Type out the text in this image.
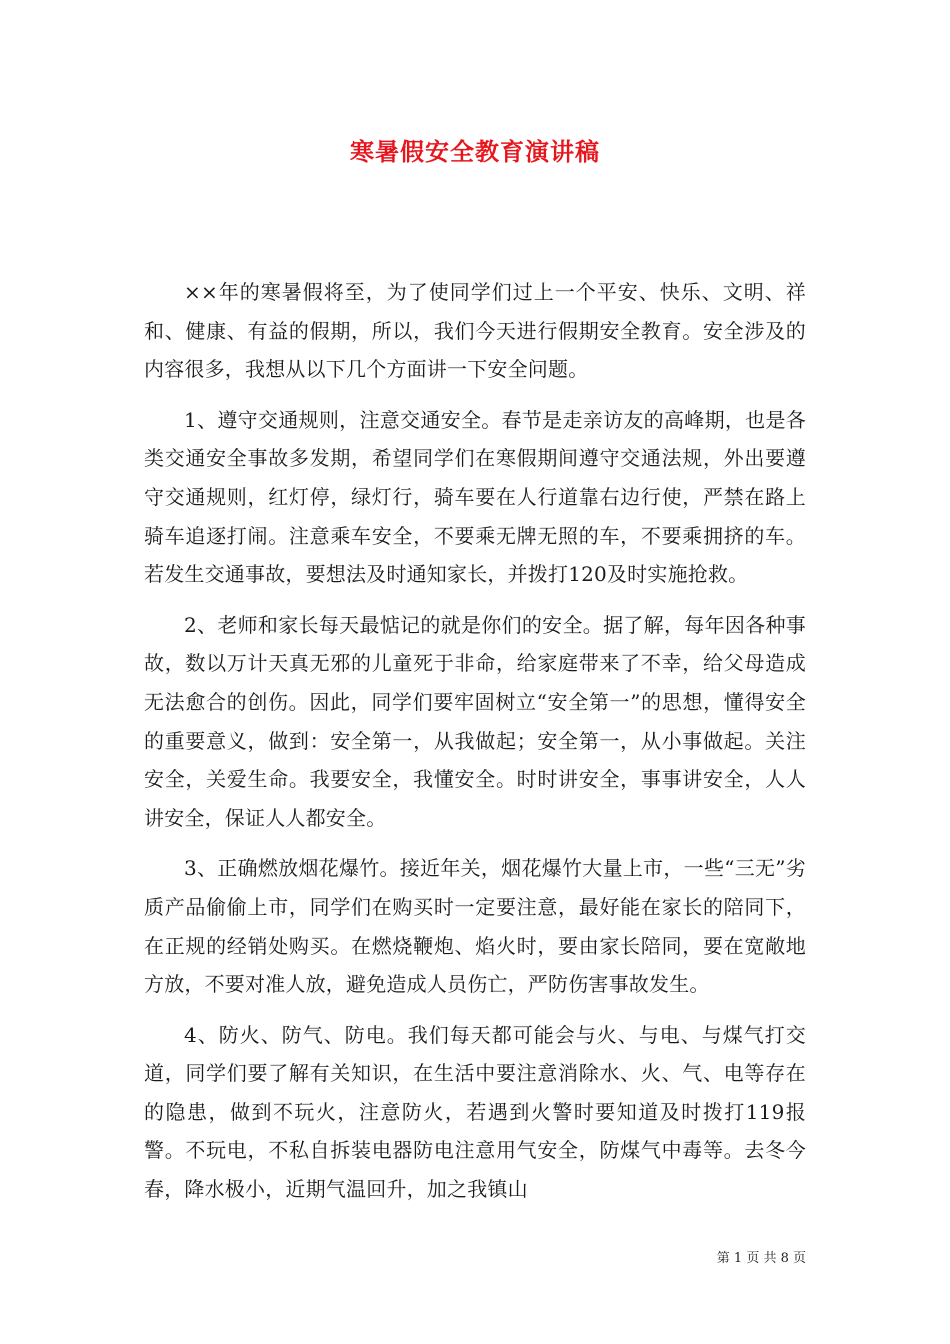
寒暑假安全教育演讲稿

××年的寒暑假将至，为了使同学们过上一个平安、快乐、文明、祥和、健康、有益的假期，所以，我们今天进行假期安全教育。安全涉及的内容很多，我想从以下几个方面讲一下安全问题。

1、遵守交通规则，注意交通安全。春节是走亲访友的高峰期，也是各类交通安全事故多发期，希望同学们在寒假期间遵守交通法规，外出要遵守交通规则，红灯停，绿灯行，骑车要在人行道靠右边行使，严禁在路上骑车追逐打闹。注意乘车安全，不要乘无牌无照的车，不要乘拥挤的车。若发生交通事故，要想法及时通知家长，并拨打120及时实施抢救。

2、老师和家长每天最惦记的就是你们的安全。据了解，每年因各种事故，数以万计天真无邪的儿童死于非命，给家庭带来了不幸，给父母造成无法愈合的创伤。因此，同学们要牢固树立“安全第一”的思想，懂得安全的重要意义，做到：安全第一，从我做起；安全第一，从小事做起。关注安全，关爱生命。我要安全，我懂安全。时时讲安全，事事讲安全，人人讲安全，保证人人都安全。

3、正确燃放烟花爆竹。接近年关，烟花爆竹大量上市，一些“三无”劣质产品偷偷上市，同学们在购买时一定要注意，最好能在家长的陪同下，在正规的经销处购买。在燃烧鞭炮、焰火时，要由家长陪同，要在宽敞地方放，不要对准人放，避免造成人员伤亡，严防伤害事故发生。

4、防火、防气、防电。我们每天都可能会与火、与电、与煤气打交道，同学们要了解有关知识，在生活中要注意消除水、火、气、电等存在的隐患，做到不玩火，注意防火，若遇到火警时要知道及时拨打119报警。不玩电，不私自拆装电器防电注意用气安全，防煤气中毒等。去冬今春，降水极小，近期气温回升，加之我镇山

第 1 页 共 8 页
